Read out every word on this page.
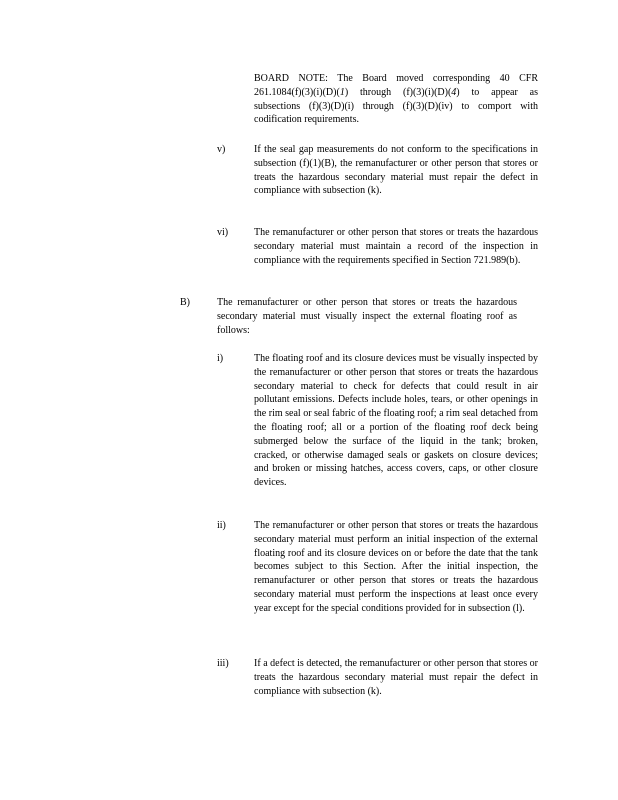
BOARD NOTE: The Board moved corresponding 40 CFR 261.1084(f)(3)(i)(D)(1) through (f)(3)(i)(D)(4) to appear as subsections (f)(3)(D)(i) through (f)(3)(D)(iv) to comport with codification requirements.

v)	If the seal gap measurements do not conform to the specifications in subsection (f)(1)(B), the remanufacturer or other person that stores or treats the hazardous secondary material must repair the defect in compliance with subsection (k).

vi)	The remanufacturer or other person that stores or treats the hazardous secondary material must maintain a record of the inspection in compliance with the requirements specified in Section 721.989(b).

B)	The remanufacturer or other person that stores or treats the hazardous secondary material must visually inspect the external floating roof as follows:

i)	The floating roof and its closure devices must be visually inspected by the remanufacturer or other person that stores or treats the hazardous secondary material to check for defects that could result in air pollutant emissions. Defects include holes, tears, or other openings in the rim seal or seal fabric of the floating roof; a rim seal detached from the floating roof; all or a portion of the floating roof deck being submerged below the surface of the liquid in the tank; broken, cracked, or otherwise damaged seals or gaskets on closure devices; and broken or missing hatches, access covers, caps, or other closure devices.

ii)	The remanufacturer or other person that stores or treats the hazardous secondary material must perform an initial inspection of the external floating roof and its closure devices on or before the date that the tank becomes subject to this Section. After the initial inspection, the remanufacturer or other person that stores or treats the hazardous secondary material must perform the inspections at least once every year except for the special conditions provided for in subsection (l).

iii)	If a defect is detected, the remanufacturer or other person that stores or treats the hazardous secondary material must repair the defect in compliance with subsection (k).
